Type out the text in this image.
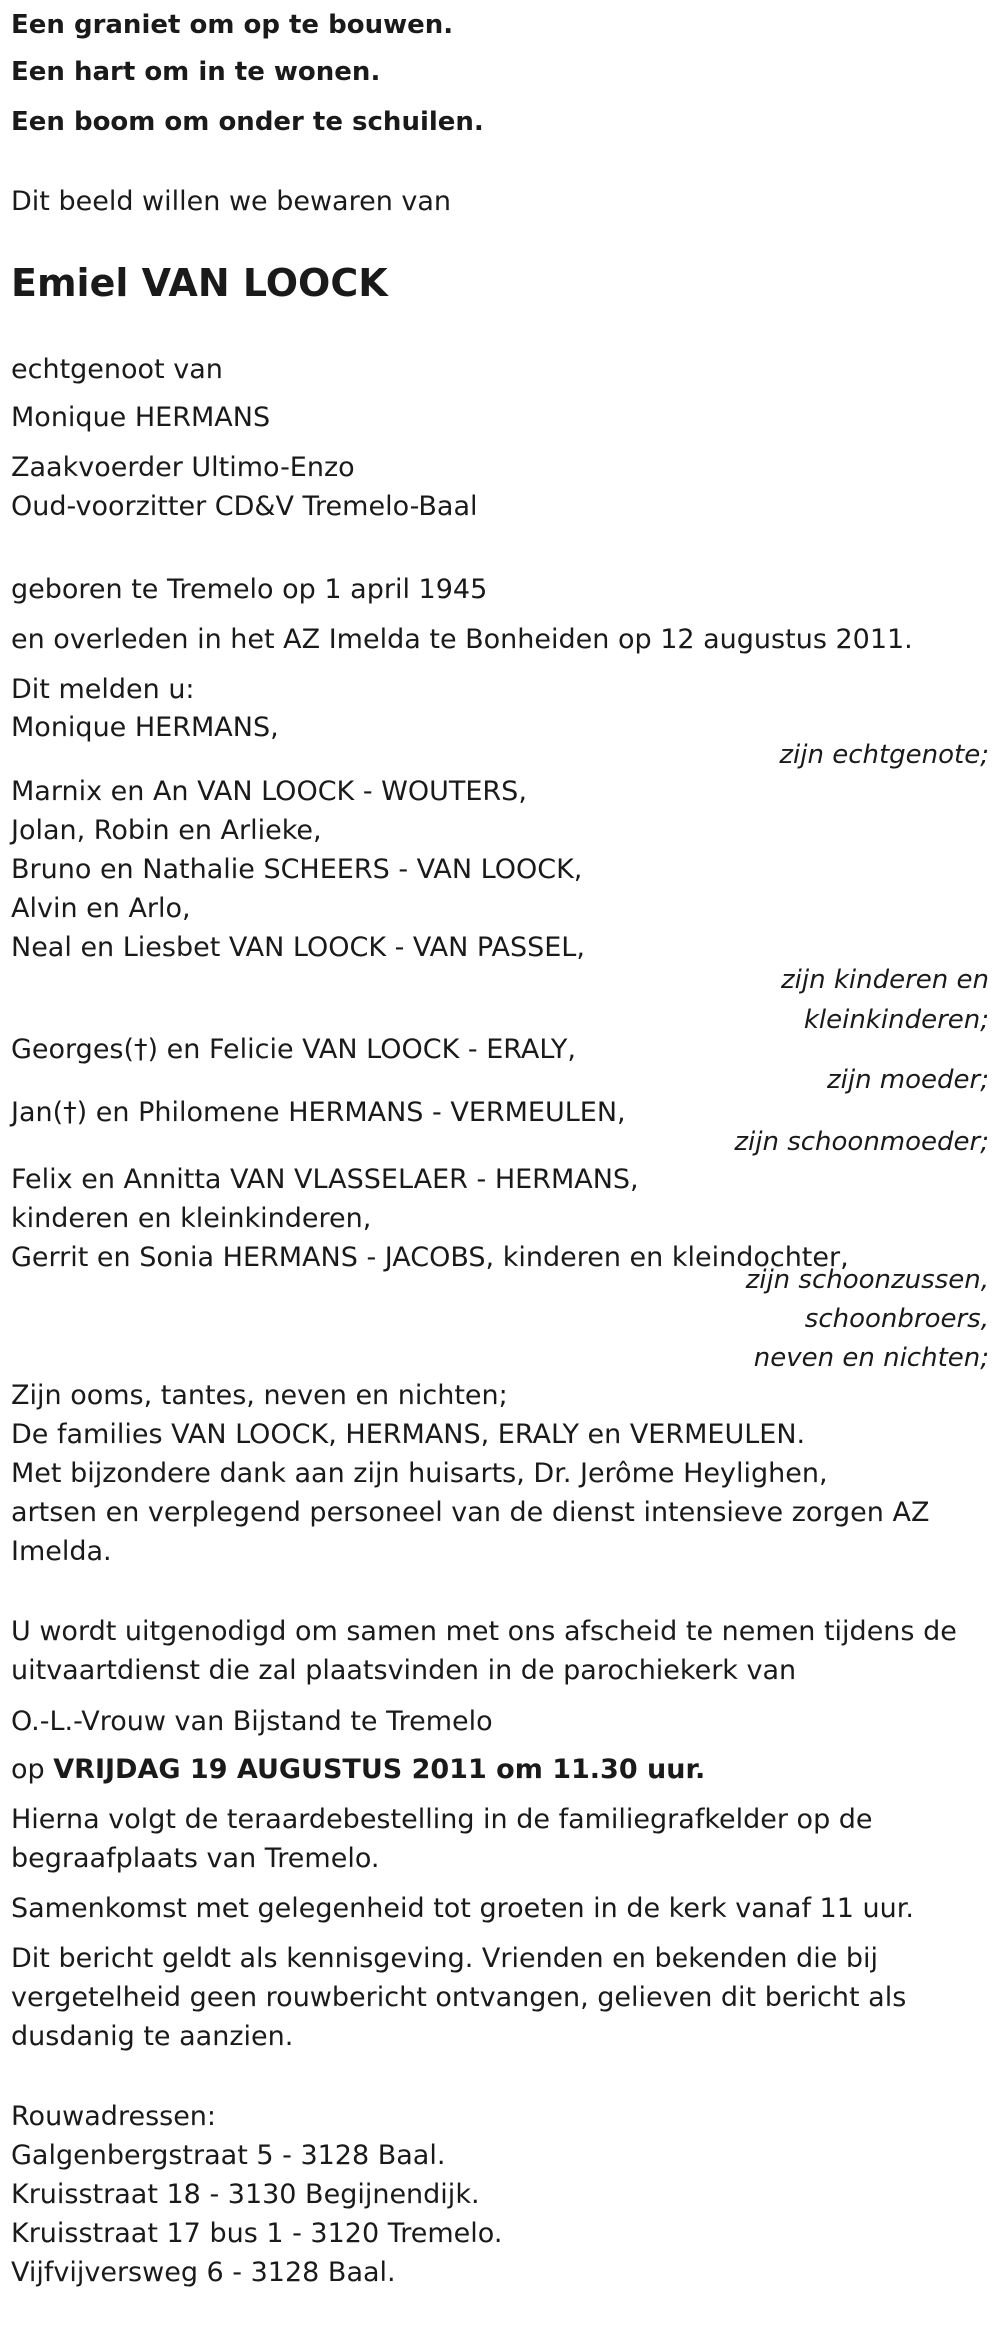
Een graniet om op te bouwen.

Een hart om in te wonen.

Een boom om onder te schuilen.

Dit beeld willen we bewaren van

Emiel VAN LOOCK

echtgenoot van

Monique HERMANS

Zaakvoerder Ultimo-Enzo

Oud-voorzitter CD&V Tremelo-Baal

geboren te Tremelo op 1 april 1945

en overleden in het AZ Imelda te Bonheiden op 12 augustus 2011.

Dit melden u:

Monique HERMANS,

zijn echtgenote;

Marnix en An VAN LOOCK - WOUTERS,

Jolan, Robin en Arlieke,

Bruno en Nathalie SCHEERS - VAN LOOCK,

Alvin en Arlo,

Neal en Liesbet VAN LOOCK - VAN PASSEL,

zijn kinderen en

kleinkinderen;

Georges(†) en Felicie VAN LOOCK - ERALY,

zijn moeder;

Jan(†) en Philomene HERMANS - VERMEULEN,

zijn schoonmoeder;

Felix en Annitta VAN VLASSELAER - HERMANS,

kinderen en kleinkinderen,

Gerrit en Sonia HERMANS - JACOBS, kinderen en kleindochter,

zijn schoonzussen,

schoonbroers,

neven en nichten;

Zijn ooms, tantes, neven en nichten;

De families VAN LOOCK, HERMANS, ERALY en VERMEULEN.

Met bijzondere dank aan zijn huisarts, Dr. Jerôme Heylighen,

artsen en verplegend personeel van de dienst intensieve zorgen AZ

Imelda.

U wordt uitgenodigd om samen met ons afscheid te nemen tijdens de

uitvaartdienst die zal plaatsvinden in de parochiekerk van

O.-L.-Vrouw van Bijstand te Tremelo

op VRIJDAG 19 AUGUSTUS 2011 om 11.30 uur.

Hierna volgt de teraardebestelling in de familiegrafkelder op de

begraafplaats van Tremelo.

Samenkomst met gelegenheid tot groeten in de kerk vanaf 11 uur.

Dit bericht geldt als kennisgeving. Vrienden en bekenden die bij

vergetelheid geen rouwbericht ontvangen, gelieven dit bericht als

dusdanig te aanzien.

Rouwadressen:

Galgenbergstraat 5 - 3128 Baal.

Kruisstraat 18 - 3130 Begijnendijk.

Kruisstraat 17 bus 1 - 3120 Tremelo.

Vijfvijversweg 6 - 3128 Baal.
